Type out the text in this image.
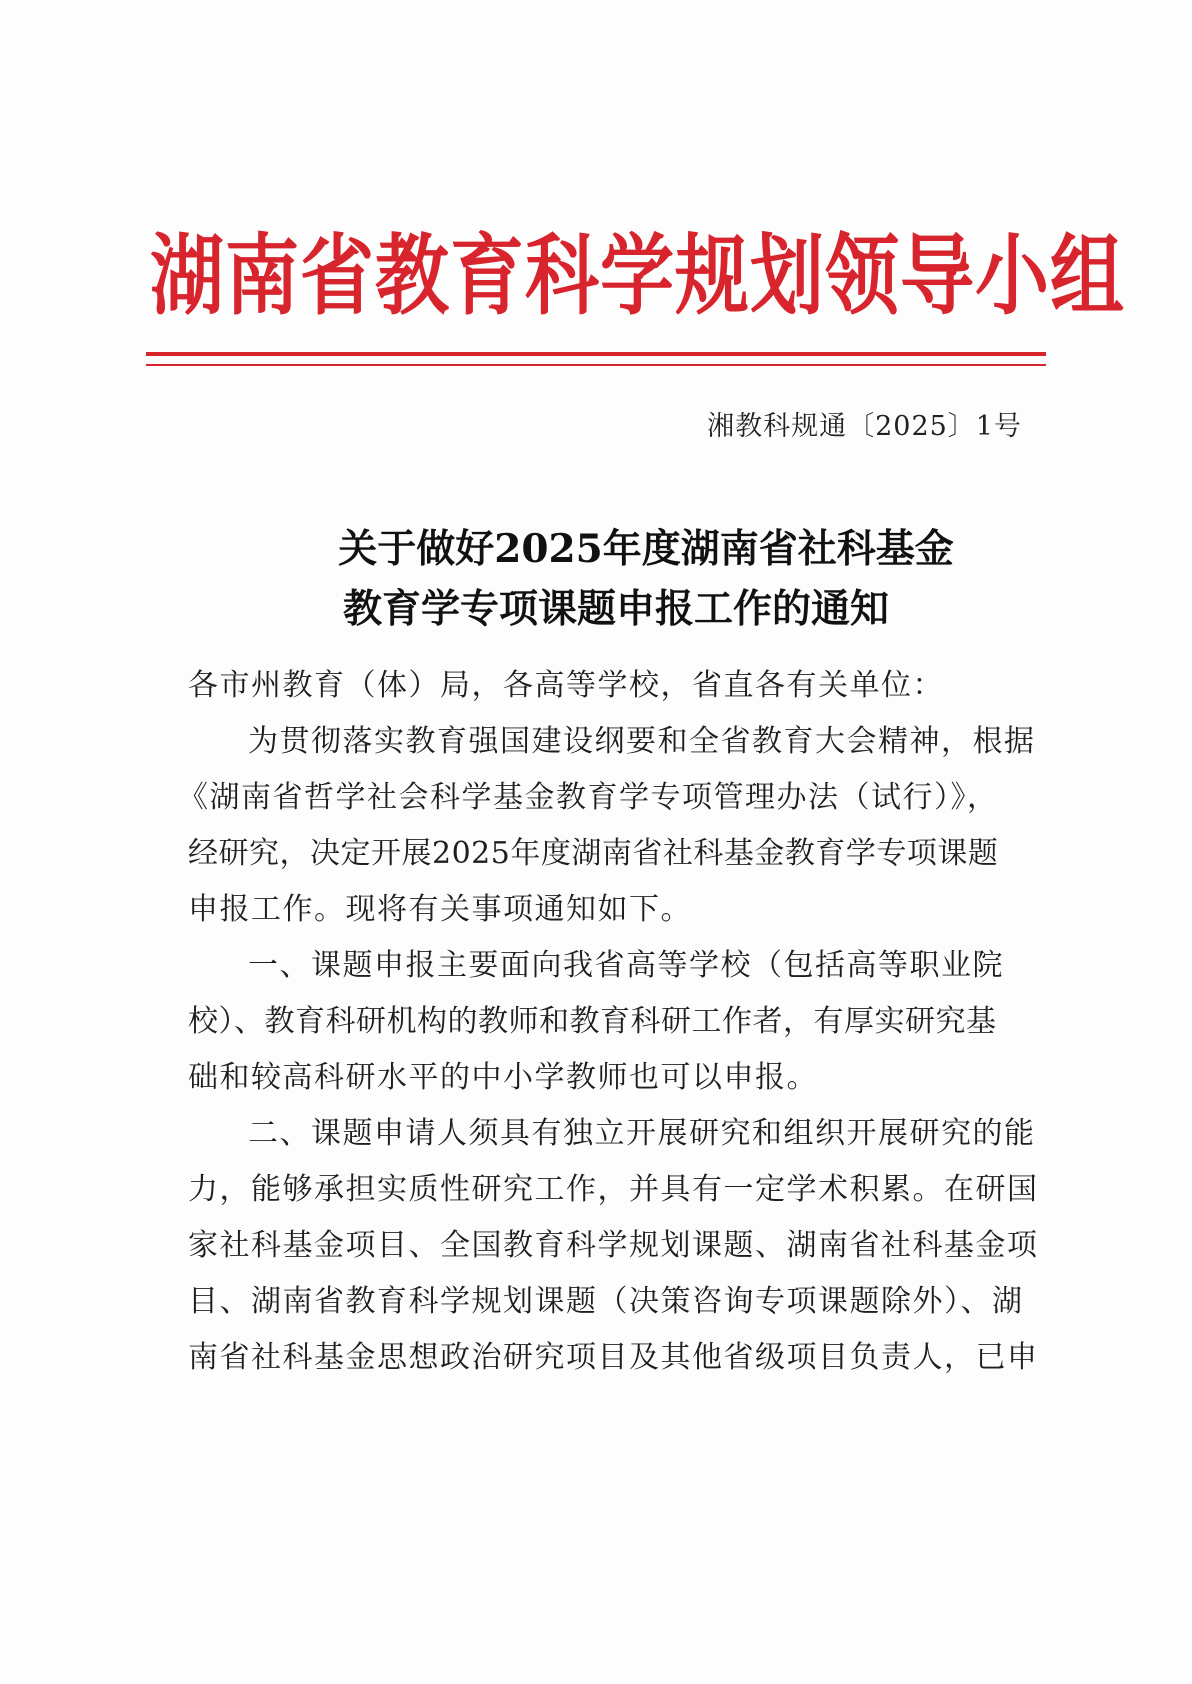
湖南省教育科学规划领导小组
湘教科规通〔2025〕1号
关于做好2025年度湖南省社科基金
教育学专项课题申报工作的通知
各市州教育（体）局，各高等学校，省直各有关单位：
为贯彻落实教育强国建设纲要和全省教育大会精神，根据
《湖南省哲学社会科学基金教育学专项管理办法（试行）》，
经研究，决定开展2025年度湖南省社科基金教育学专项课题
申报工作。现将有关事项通知如下。
一、课题申报主要面向我省高等学校（包括高等职业院
校）、教育科研机构的教师和教育科研工作者，有厚实研究基
础和较高科研水平的中小学教师也可以申报。
二、课题申请人须具有独立开展研究和组织开展研究的能
力，能够承担实质性研究工作，并具有一定学术积累。在研国
家社科基金项目、全国教育科学规划课题、湖南省社科基金项
目、湖南省教育科学规划课题（决策咨询专项课题除外）、湖
南省社科基金思想政治研究项目及其他省级项目负责人，已申
